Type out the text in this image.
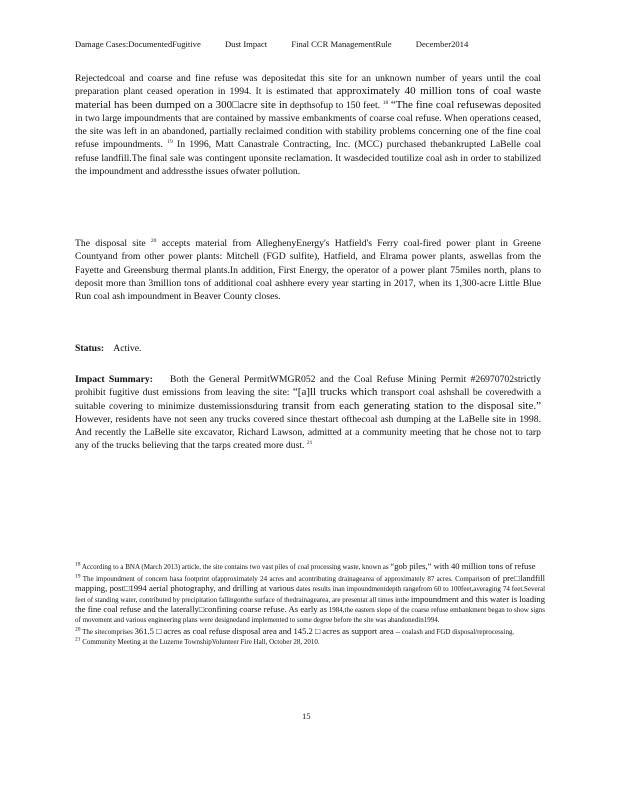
Damage Cases:DocumentedFugitive	Dust Impact	Final CCR ManagementRule	December2014

Rejectedcoal and coarse and fine refuse was depositedat this site for an unknown number of years until the coal preparation plant ceased operation in 1994. It is estimated that approximately 40 million tons of coal waste material has been dumped on a 300□acre site in depthsofup to 150 feet. $^{18}$ “The fine coal refusewas deposited in two large impoundments that are contained by massive embankments of coarse coal refuse. When operations ceased, the site was left in an abandoned, partially reclaimed condition with stability problems concerning one of the fine coal refuse impoundments. $^{19}$ In 1996, Matt Canastrale Contracting, Inc. (MCC) purchased thebankrupted LaBelle coal refuse landfill.The final sale was contingent uponsite reclamation. It wasdecided toutilize coal ash in order to stabilized the impoundment and addressthe issues ofwater pollution.

The disposal site $^{20}$ accepts material from AlleghenyEnergy's Hatfield's Ferry coal-fired power plant in Greene Countyand from other power plants: Mitchell (FGD sulfite), Hatfield, and Elrama power plants, aswellas from the Fayette and Greensburg thermal plants.In addition, First Energy, the operator of a power plant 75miles north, plans to deposit more than 3million tons of additional coal ashhere every year starting in 2017, when its 1,300-acre Little Blue Run coal ash impoundment in Beaver County closes.

Status: Active.

Impact Summary: Both the General PermitWMGR052 and the Coal Refuse Mining Permit #26970702strictly prohibit fugitive dust emissions from leaving the site: “[a]ll trucks which transport coal ashshall be coveredwith a suitable covering to minimize dustemissionsduring transit from each generating station to the disposal site.” However, residents have not seen any trucks covered since thestart ofthecoal ash dumping at the LaBelle site in 1998. And recently the LaBelle site excavator, Richard Lawson, admitted at a community meeting that he chose not to tarp any of the trucks believing that the tarps created more dust. $^{21}$

$^{18}$ According to a BNA (March 2013) article, the site contains two vast piles of coal processing waste, known as “gob piles,” with 40 million tons of refuse

$^{19}$ The impoundment of concern hasa footprint ofapproximately 24 acres and acontributing drainagearea of approximately 87 acres. Comparison of pre□landfill mapping, post□1994 aerial photography, and drilling at various dates results inan impoundmentdepth rangefrom 60 to 100feet,averaging 74 feet.Several feet of standing water, contributed by precipitation fallingonthe surface of thedrainagearea, are presentat all times inthe impoundment and this water is loading the fine coal refuse and the laterally□confining coarse refuse. As early as 1984,the eastern slope of the coarse refuse embankment began to show signs of movement and various engineering plans were designedand implemented to some degree before the site was abandonedin1994.

$^{20}$ The sitecomprises 361.5 □ acres as coal refuse disposal area and 145.2 □ acres as support area – coalash and FGD disposal/reprocessing.

$^{21}$ Community Meeting at the Luzerne TownshipVolunteer Fire Hall, October 28, 2010.

15
